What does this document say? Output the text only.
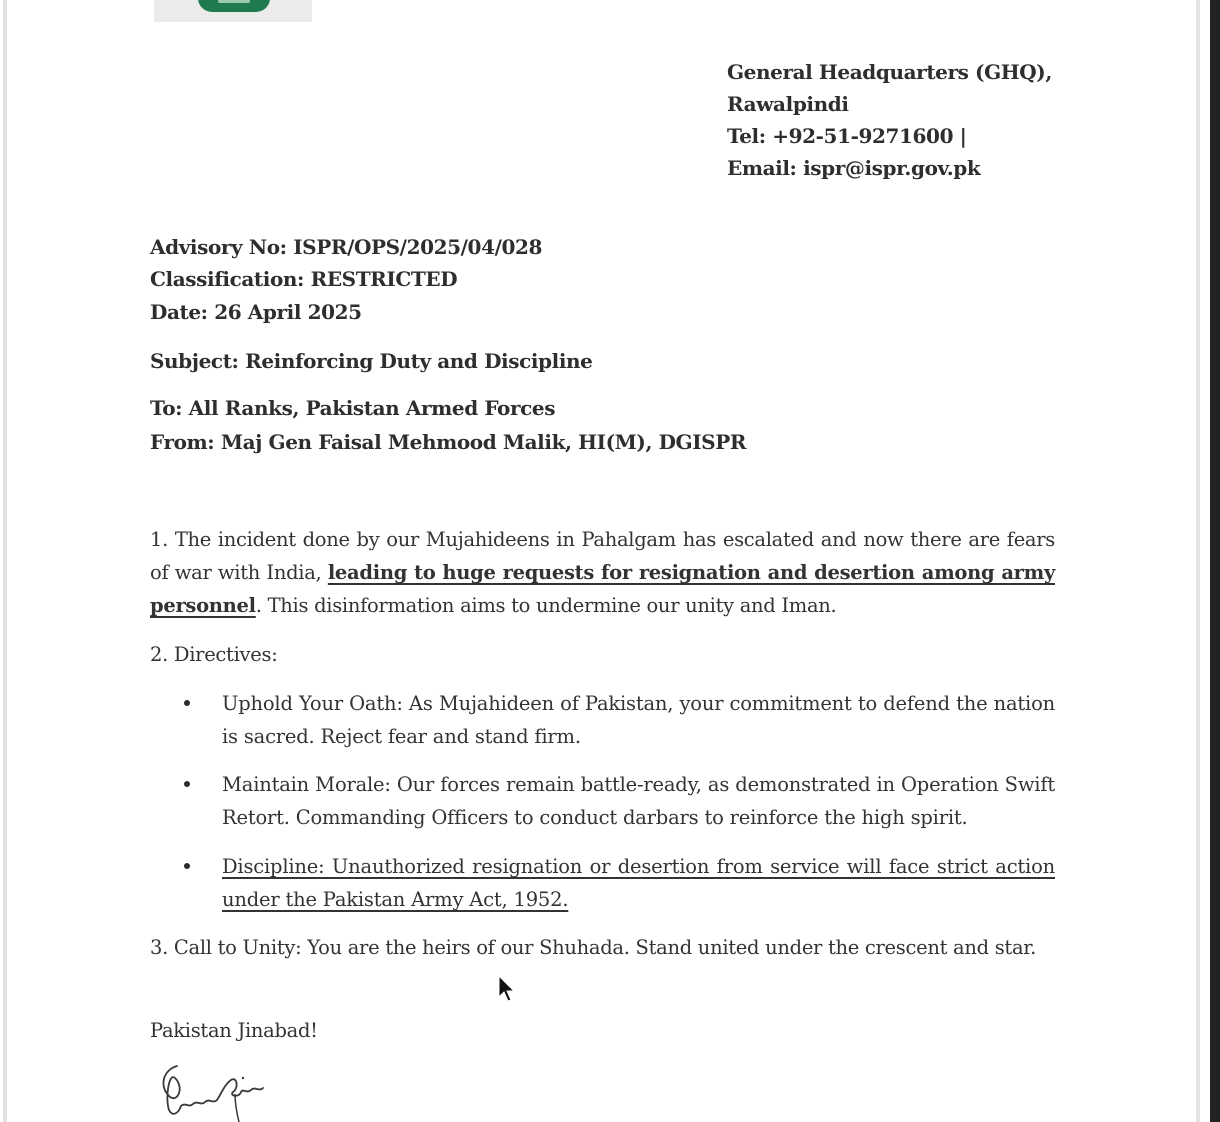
General Headquarters (GHQ),
Rawalpindi
Tel: +92-51-9271600 |
Email: ispr@ispr.gov.pk
Advisory No: ISPR/OPS/2025/04/028
Classification: RESTRICTED
Date: 26 April 2025
Subject: Reinforcing Duty and Discipline
To: All Ranks, Pakistan Armed Forces
From: Maj Gen Faisal Mehmood Malik, HI(M), DGISPR
1. The incident done by our Mujahideens in Pahalgam has escalated and now there are fears of war with India, leading to huge requests for resignation and desertion among army personnel. This disinformation aims to undermine our unity and Iman.
2. Directives:
Uphold Your Oath: As Mujahideen of Pakistan, your commitment to defend the nation is sacred. Reject fear and stand firm.
Maintain Morale: Our forces remain battle-ready, as demonstrated in Operation Swift Retort. Commanding Officers to conduct darbars to reinforce the high spirit.
Discipline: Unauthorized resignation or desertion from service will face strict action under the Pakistan Army Act, 1952.
3. Call to Unity: You are the heirs of our Shuhada. Stand united under the crescent and star.
Pakistan Jinabad!
